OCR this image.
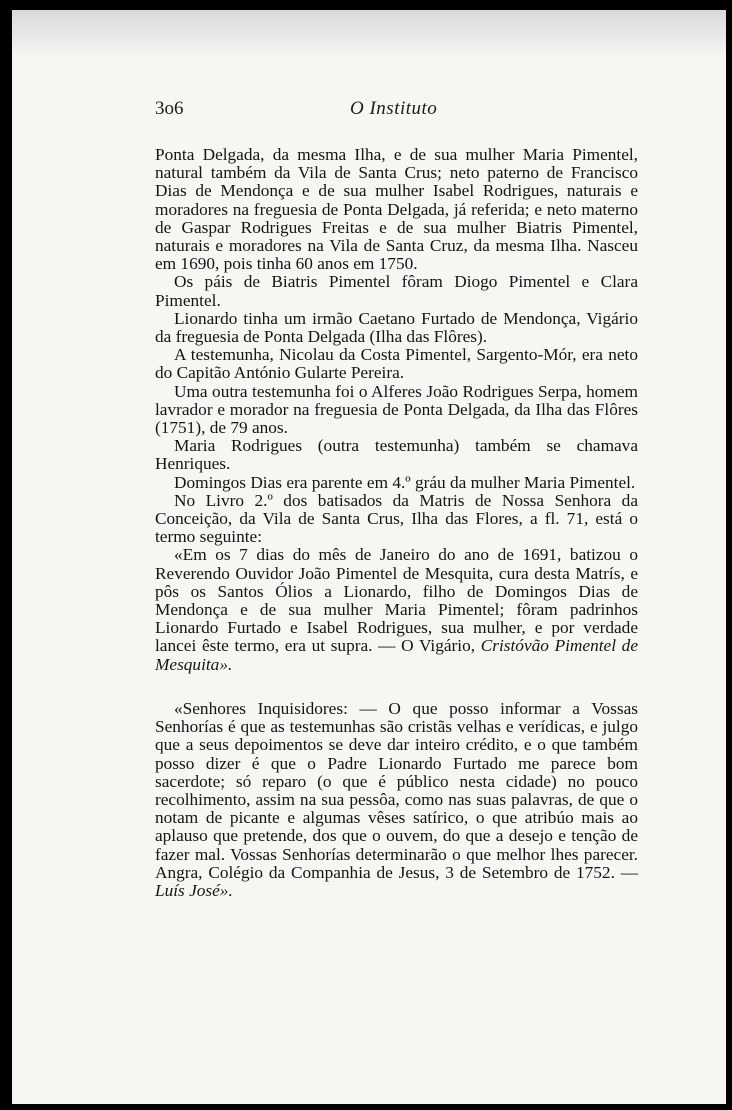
3o6	O Instituto

Ponta Delgada, da mesma Ilha, e de sua mulher Maria Pimentel, natural também da Vila de Santa Crus; neto paterno de Francisco Dias de Mendonça e de sua mulher Isabel Rodrigues, naturais e moradores na freguesia de Ponta Delgada, já referida; e neto materno de Gaspar Rodrigues Freitas e de sua mulher Biatris Pimentel, naturais e moradores na Vila de Santa Cruz, da mesma Ilha. Nasceu em 1690, pois tinha 60 anos em 1750.

Os páis de Biatris Pimentel fôram Diogo Pimentel e Clara Pimentel.

Lionardo tinha um irmão Caetano Furtado de Mendonça, Vigário da freguesia de Ponta Delgada (Ilha das Flôres).

A testemunha, Nicolau da Costa Pimentel, Sargento-Mór, era neto do Capitão António Gularte Pereira.

Uma outra testemunha foi o Alferes João Rodrigues Serpa, homem lavrador e morador na freguesia de Ponta Delgada, da Ilha das Flôres (1751), de 79 anos.

Maria Rodrigues (outra testemunha) também se chamava Henriques.

Domingos Dias era parente em 4.º gráu da mulher Maria Pimentel.

No Livro 2.º dos batisados da Matris de Nossa Senhora da Conceição, da Vila de Santa Crus, Ilha das Flores, a fl. 71, está o termo seguinte:

«Em os 7 dias do mês de Janeiro do ano de 1691, batizou o Reverendo Ouvidor João Pimentel de Mesquita, cura desta Matrís, e pôs os Santos Ólios a Lionardo, filho de Domingos Dias de Mendonça e de sua mulher Maria Pimentel; fôram padrinhos Lionardo Furtado e Isabel Rodrigues, sua mulher, e por verdade lancei êste termo, era ut supra. — O Vigário, Cristóvão Pimentel de Mesquita».

«Senhores Inquisidores: — O que posso informar a Vossas Senhorías é que as testemunhas são cristãs velhas e verídicas, e julgo que a seus depoimentos se deve dar inteiro crédito, e o que também posso dizer é que o Padre Lionardo Furtado me parece bom sacerdote; só reparo (o que é público nesta cidade) no pouco recolhimento, assim na sua pessôa, como nas suas palavras, de que o notam de picante e algumas vêses satírico, o que atribúo mais ao aplauso que pretende, dos que o ouvem, do que a desejo e tenção de fazer mal. Vossas Senhorías determinarão o que melhor lhes parecer. Angra, Colégio da Companhia de Jesus, 3 de Setembro de 1752. — Luís José».
